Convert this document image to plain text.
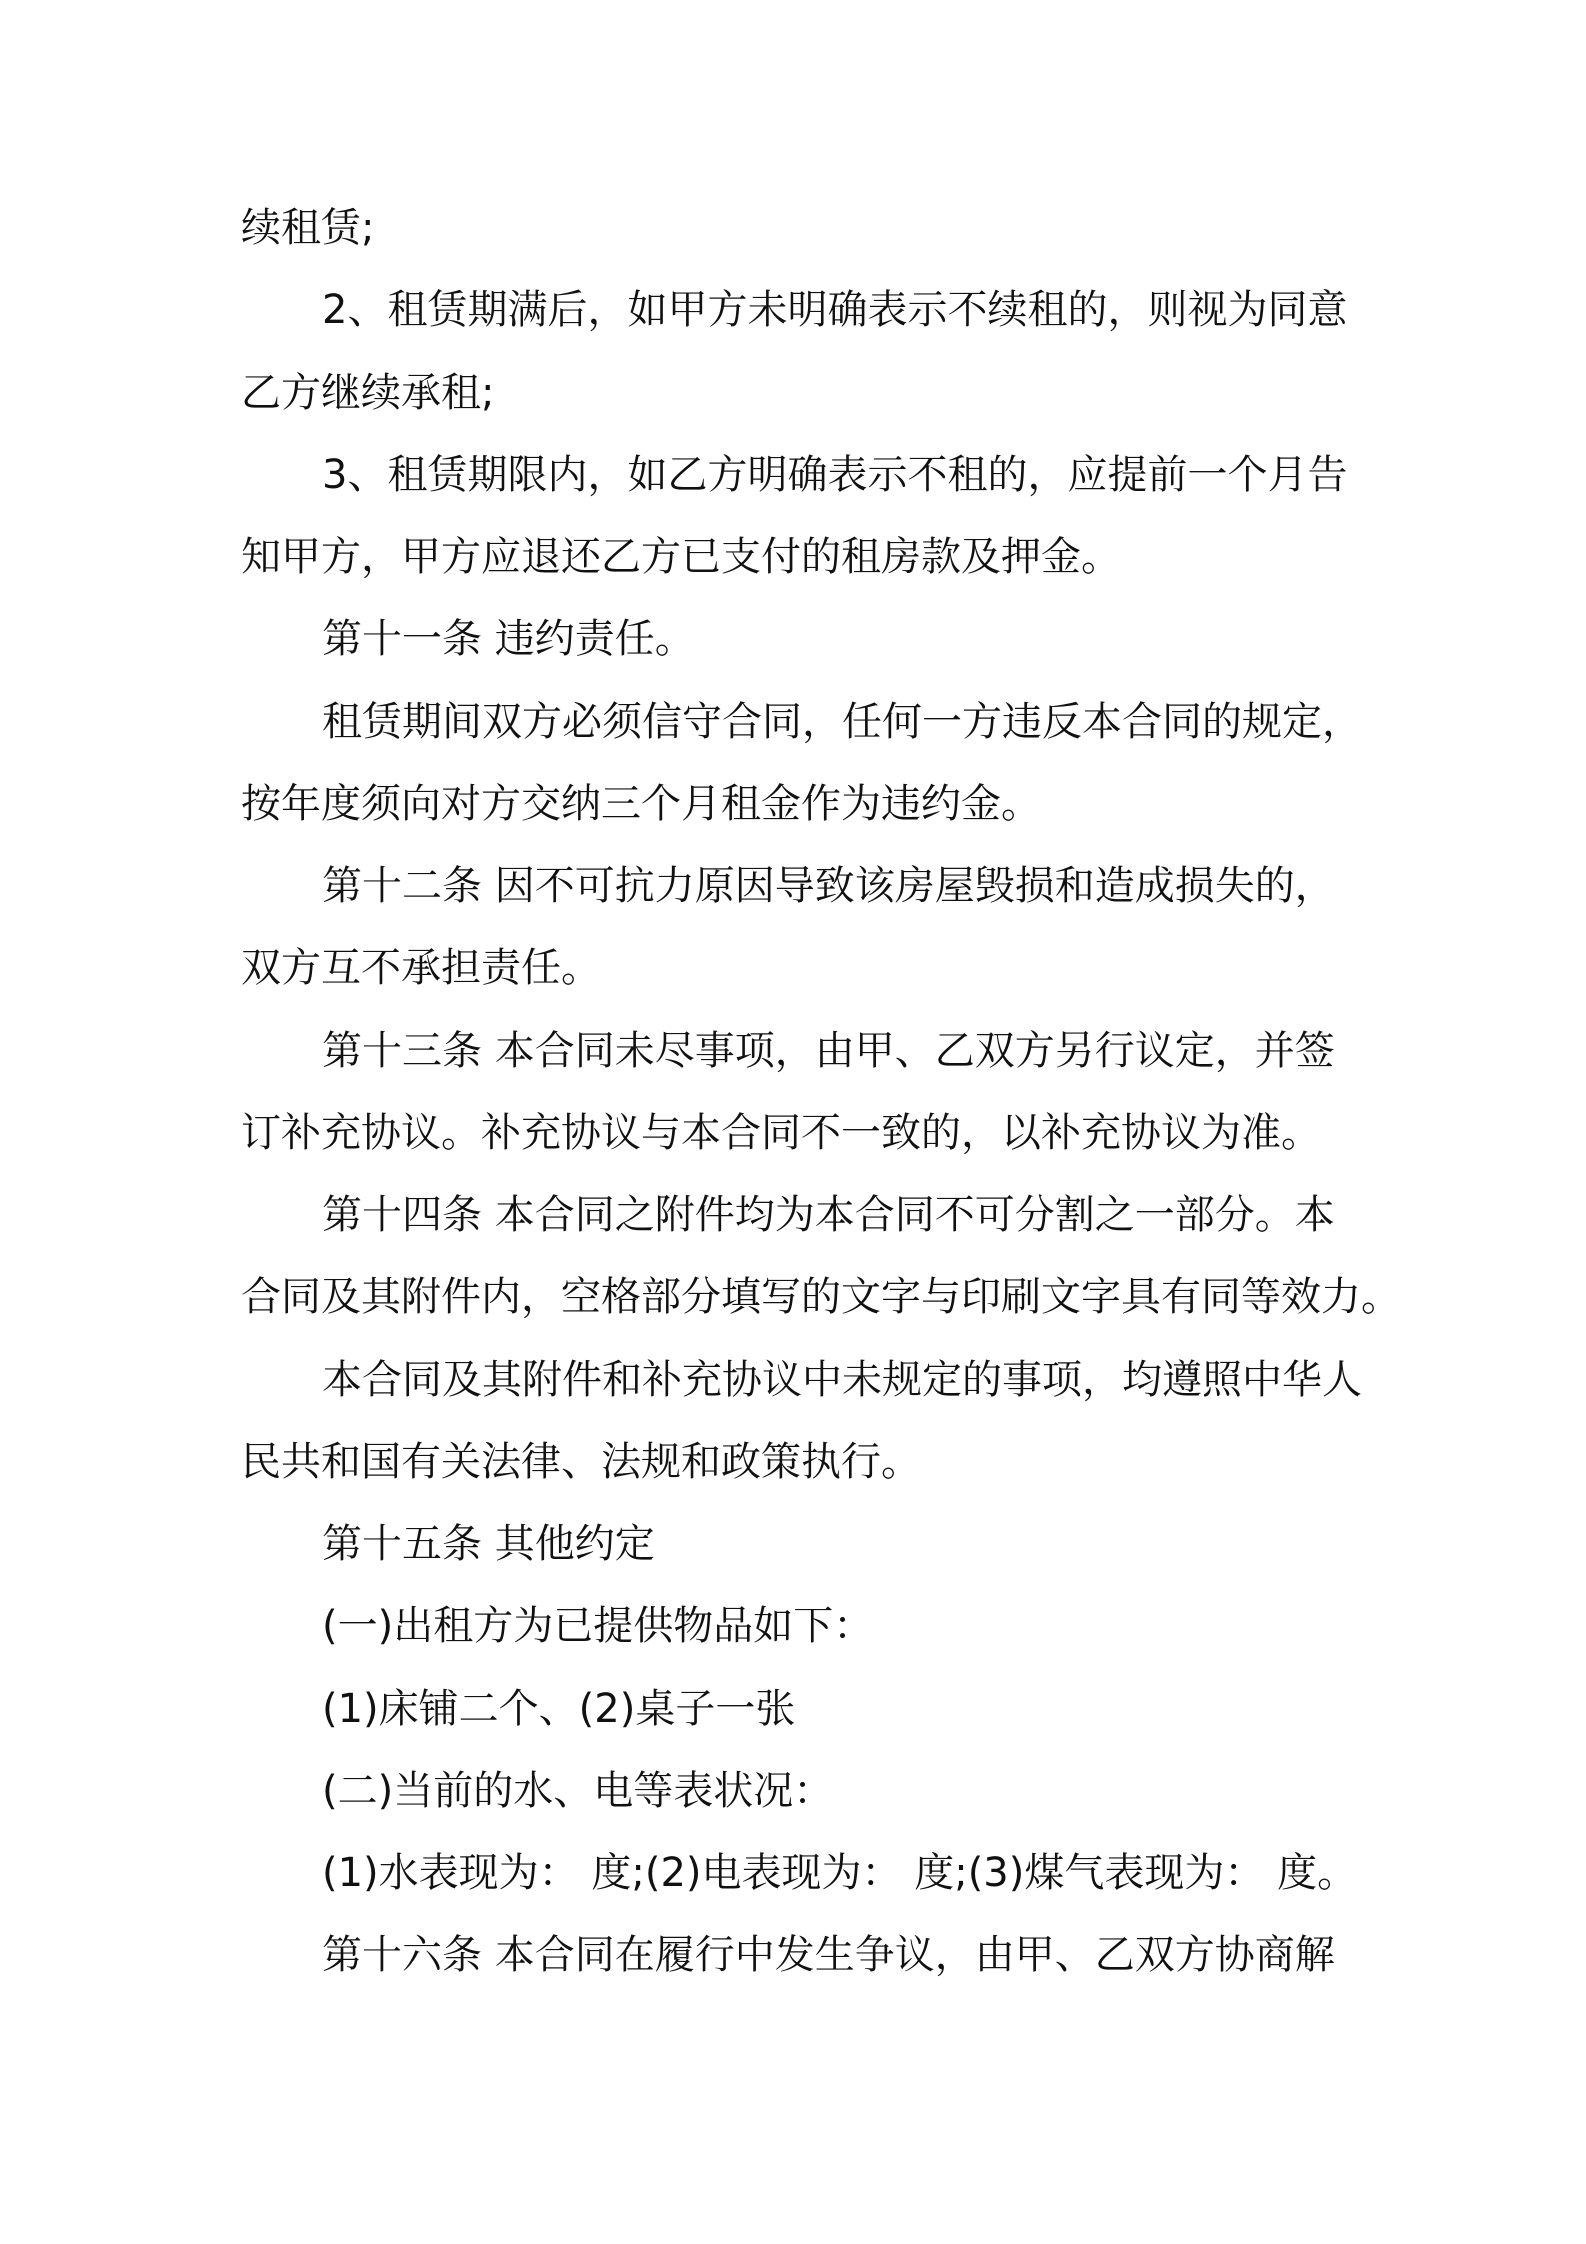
续租赁;
2、租赁期满后，如甲方未明确表示不续租的，则视为同意
乙方继续承租;
3、租赁期限内，如乙方明确表示不租的，应提前一个月告
知甲方，甲方应退还乙方已支付的租房款及押金。
第十一条 违约责任。
租赁期间双方必须信守合同，任何一方违反本合同的规定，
按年度须向对方交纳三个月租金作为违约金。
第十二条 因不可抗力原因导致该房屋毁损和造成损失的，
双方互不承担责任。
第十三条 本合同未尽事项，由甲、乙双方另行议定，并签
订补充协议。补充协议与本合同不一致的，以补充协议为准。
第十四条 本合同之附件均为本合同不可分割之一部分。本
合同及其附件内，空格部分填写的文字与印刷文字具有同等效力。
本合同及其附件和补充协议中未规定的事项，均遵照中华人
民共和国有关法律、法规和政策执行。
第十五条 其他约定
(一)出租方为已提供物品如下：
(1)床铺二个、(2)桌子一张
(二)当前的水、电等表状况：
(1)水表现为： 度;(2)电表现为： 度;(3)煤气表现为： 度。
第十六条 本合同在履行中发生争议，由甲、乙双方协商解
